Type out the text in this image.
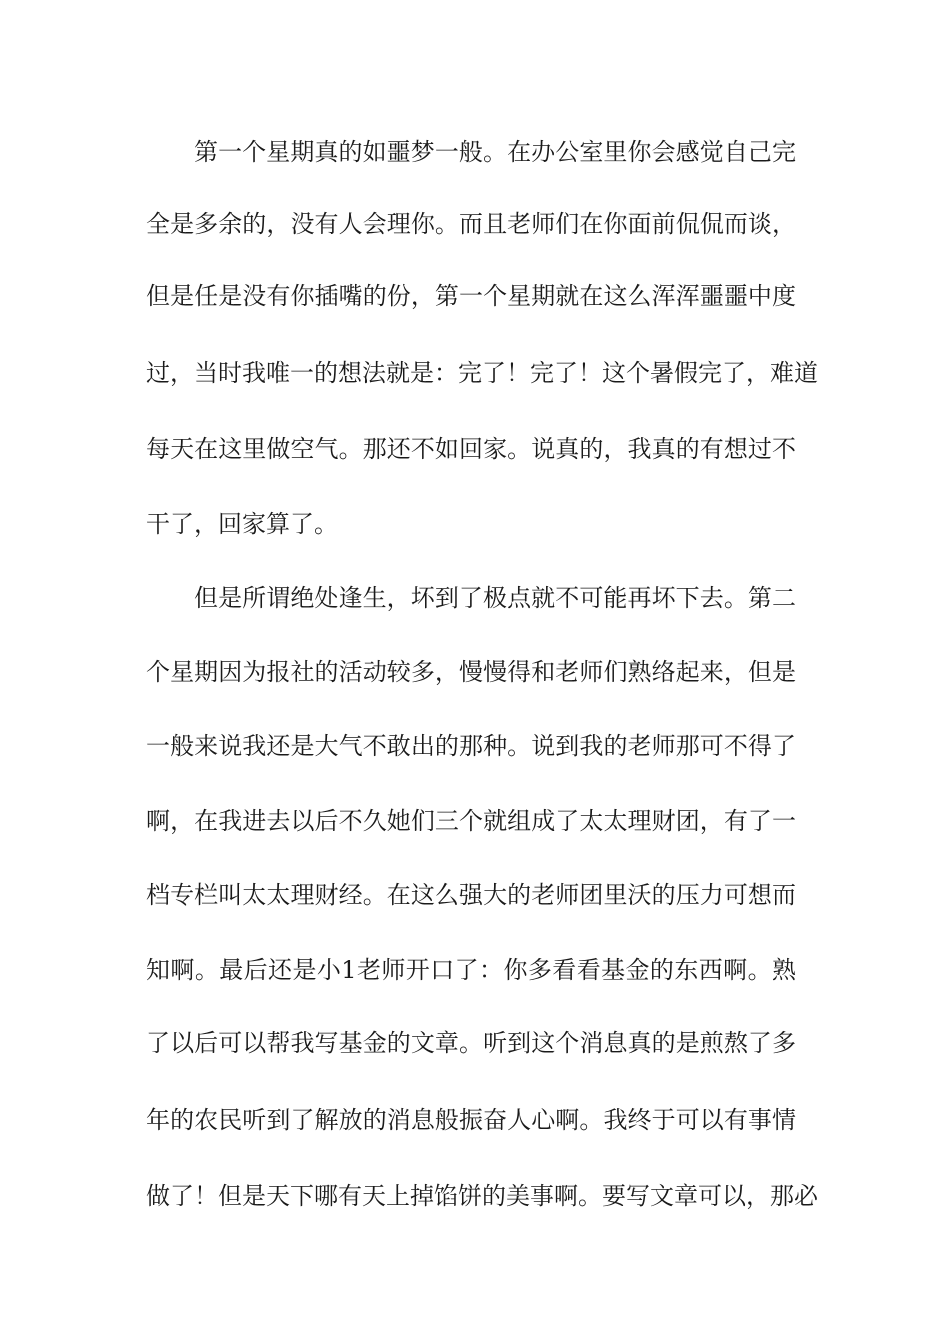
第一个星期真的如噩梦一般。在办公室里你会感觉自己完
全是多余的，没有人会理你。而且老师们在你面前侃侃而谈，
但是任是没有你插嘴的份，第一个星期就在这么浑浑噩噩中度
过，当时我唯一的想法就是：完了！完了！这个暑假完了，难道
每天在这里做空气。那还不如回家。说真的，我真的有想过不
干了，回家算了。
但是所谓绝处逢生，坏到了极点就不可能再坏下去。第二
个星期因为报社的活动较多，慢慢得和老师们熟络起来，但是
一般来说我还是大气不敢出的那种。说到我的老师那可不得了
啊，在我进去以后不久她们三个就组成了太太理财团，有了一
档专栏叫太太理财经。在这么强大的老师团里沃的压力可想而
知啊。最后还是小1老师开口了：你多看看基金的东西啊。熟
了以后可以帮我写基金的文章。听到这个消息真的是煎熬了多
年的农民听到了解放的消息般振奋人心啊。我终于可以有事情
做了！但是天下哪有天上掉馅饼的美事啊。要写文章可以，那必
